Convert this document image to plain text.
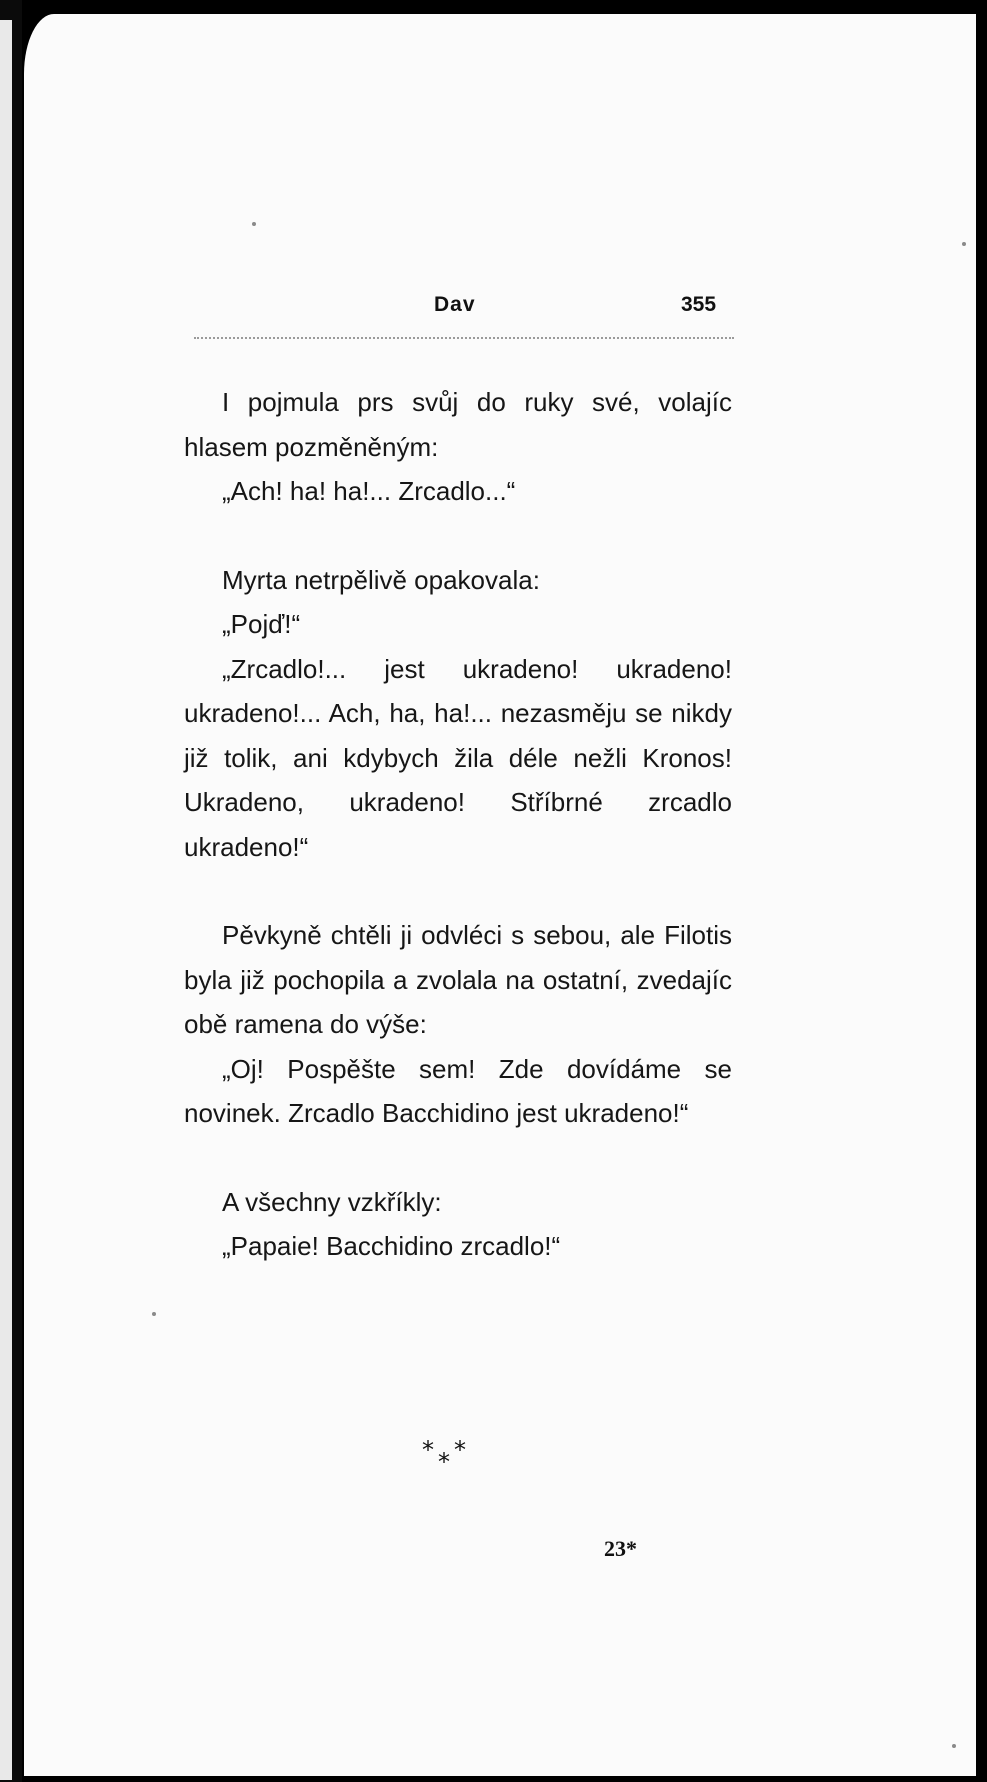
Dav	355

I pojmula prs svůj do ruky své, volajíc hlasem pozměněným:

„Ach! ha! ha!... Zrcadlo...“

Myrta netrpělivě opakovala:

„Pojď!“

„Zrcadlo!... jest ukradeno! ukradeno! ukradeno!... Ach, ha, ha!... nezasměju se nikdy již tolik, ani kdybych žila déle nežli Kronos! Ukradeno, ukradeno! Stříbrné zrcadlo ukradeno!“

Pěvkyně chtěli ji odvléci s sebou, ale Filotis byla již pochopila a zvolala na ostatní, zvedajíc obě ramena do výše:

„Oj! Pospěšte sem! Zde dovídáme se novinek. Zrcadlo Bacchidino jest ukradeno!“

A všechny vzkříkly:

„Papaie! Bacchidino zrcadlo!“

* * *
23*
